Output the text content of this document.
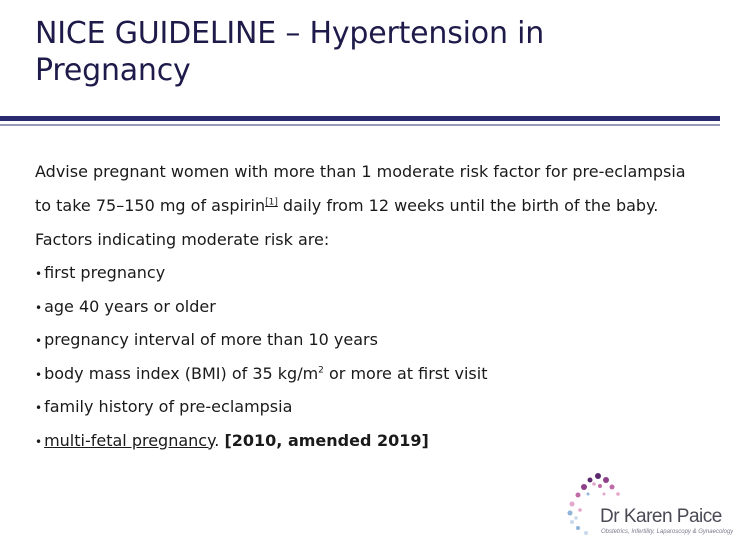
NICE GUIDELINE – Hypertension in Pregnancy

Advise pregnant women with more than 1 moderate risk factor for pre-eclampsia to take 75–150 mg of aspirin[1] daily from 12 weeks until the birth of the baby. Factors indicating moderate risk are:

• first pregnancy

• age 40 years or older

• pregnancy interval of more than 10 years

• body mass index (BMI) of 35 $kg/m^2$ or more at first visit

• family history of pre-eclampsia

• multi-fetal pregnancy. [2010, amended 2019]

Dr Karen Paice
Obstetrics, Infertility, Laparoscopy & Gynaecology
